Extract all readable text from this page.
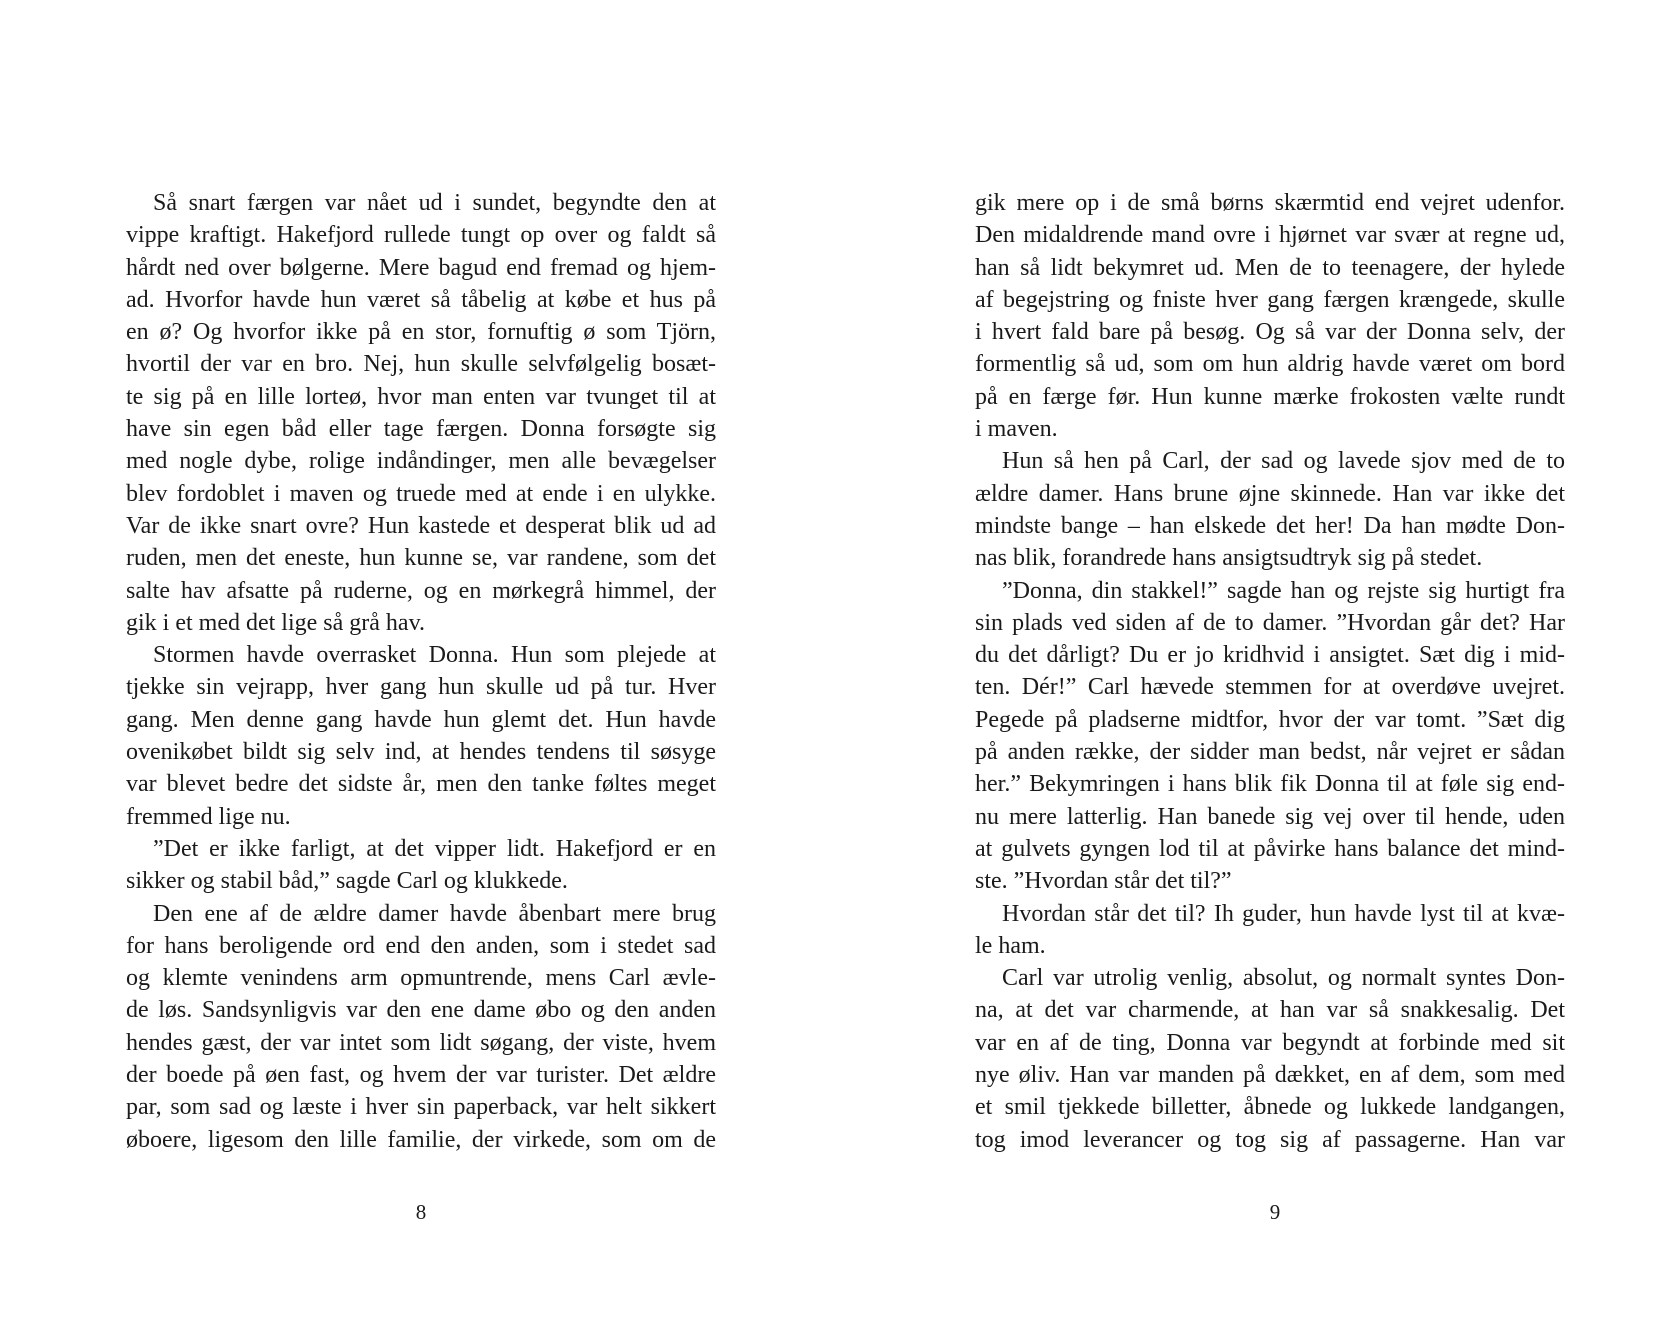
Så snart færgen var nået ud i sundet, begyndte den at
vippe kraftigt. Hakefjord rullede tungt op over og faldt så
hårdt ned over bølgerne. Mere bagud end fremad og hjem-
ad. Hvorfor havde hun været så tåbelig at købe et hus på
en ø? Og hvorfor ikke på en stor, fornuftig ø som Tjörn,
hvortil der var en bro. Nej, hun skulle selvfølgelig bosæt-
te sig på en lille lorteø, hvor man enten var tvunget til at
have sin egen båd eller tage færgen. Donna forsøgte sig
med nogle dybe, rolige indåndinger, men alle bevægelser
blev fordoblet i maven og truede med at ende i en ulykke.
Var de ikke snart ovre? Hun kastede et desperat blik ud ad
ruden, men det eneste, hun kunne se, var randene, som det
salte hav afsatte på ruderne, og en mørkegrå himmel, der
gik i et med det lige så grå hav.
Stormen havde overrasket Donna. Hun som plejede at
tjekke sin vejrapp, hver gang hun skulle ud på tur. Hver
gang. Men denne gang havde hun glemt det. Hun havde
ovenikøbet bildt sig selv ind, at hendes tendens til søsyge
var blevet bedre det sidste år, men den tanke føltes meget
fremmed lige nu.
”Det er ikke farligt, at det vipper lidt. Hakefjord er en
sikker og stabil båd,” sagde Carl og klukkede.
Den ene af de ældre damer havde åbenbart mere brug
for hans beroligende ord end den anden, som i stedet sad
og klemte venindens arm opmuntrende, mens Carl ævle-
de løs. Sandsynligvis var den ene dame øbo og den anden
hendes gæst, der var intet som lidt søgang, der viste, hvem
der boede på øen fast, og hvem der var turister. Det ældre
par, som sad og læste i hver sin paperback, var helt sikkert
øboere, ligesom den lille familie, der virkede, som om de
8
gik mere op i de små børns skærmtid end vejret udenfor.
Den midaldrende mand ovre i hjørnet var svær at regne ud,
han så lidt bekymret ud. Men de to teenagere, der hylede
af begejstring og fniste hver gang færgen krængede, skulle
i hvert fald bare på besøg. Og så var der Donna selv, der
formentlig så ud, som om hun aldrig havde været om bord
på en færge før. Hun kunne mærke frokosten vælte rundt
i maven.
Hun så hen på Carl, der sad og lavede sjov med de to
ældre damer. Hans brune øjne skinnede. Han var ikke det
mindste bange – han elskede det her! Da han mødte Don-
nas blik, forandrede hans ansigtsudtryk sig på stedet.
”Donna, din stakkel!” sagde han og rejste sig hurtigt fra
sin plads ved siden af de to damer. ”Hvordan går det? Har
du det dårligt? Du er jo kridhvid i ansigtet. Sæt dig i mid-
ten. Dér!” Carl hævede stemmen for at overdøve uvejret.
Pegede på pladserne midtfor, hvor der var tomt. ”Sæt dig
på anden række, der sidder man bedst, når vejret er sådan
her.” Bekymringen i hans blik fik Donna til at føle sig end-
nu mere latterlig. Han banede sig vej over til hende, uden
at gulvets gyngen lod til at påvirke hans balance det mind-
ste. ”Hvordan står det til?”
Hvordan står det til? Ih guder, hun havde lyst til at kvæ-
le ham.
Carl var utrolig venlig, absolut, og normalt syntes Don-
na, at det var charmende, at han var så snakkesalig. Det
var en af de ting, Donna var begyndt at forbinde med sit
nye øliv. Han var manden på dækket, en af dem, som med
et smil tjekkede billetter, åbnede og lukkede landgangen,
tog imod leverancer og tog sig af passagerne. Han var
9
